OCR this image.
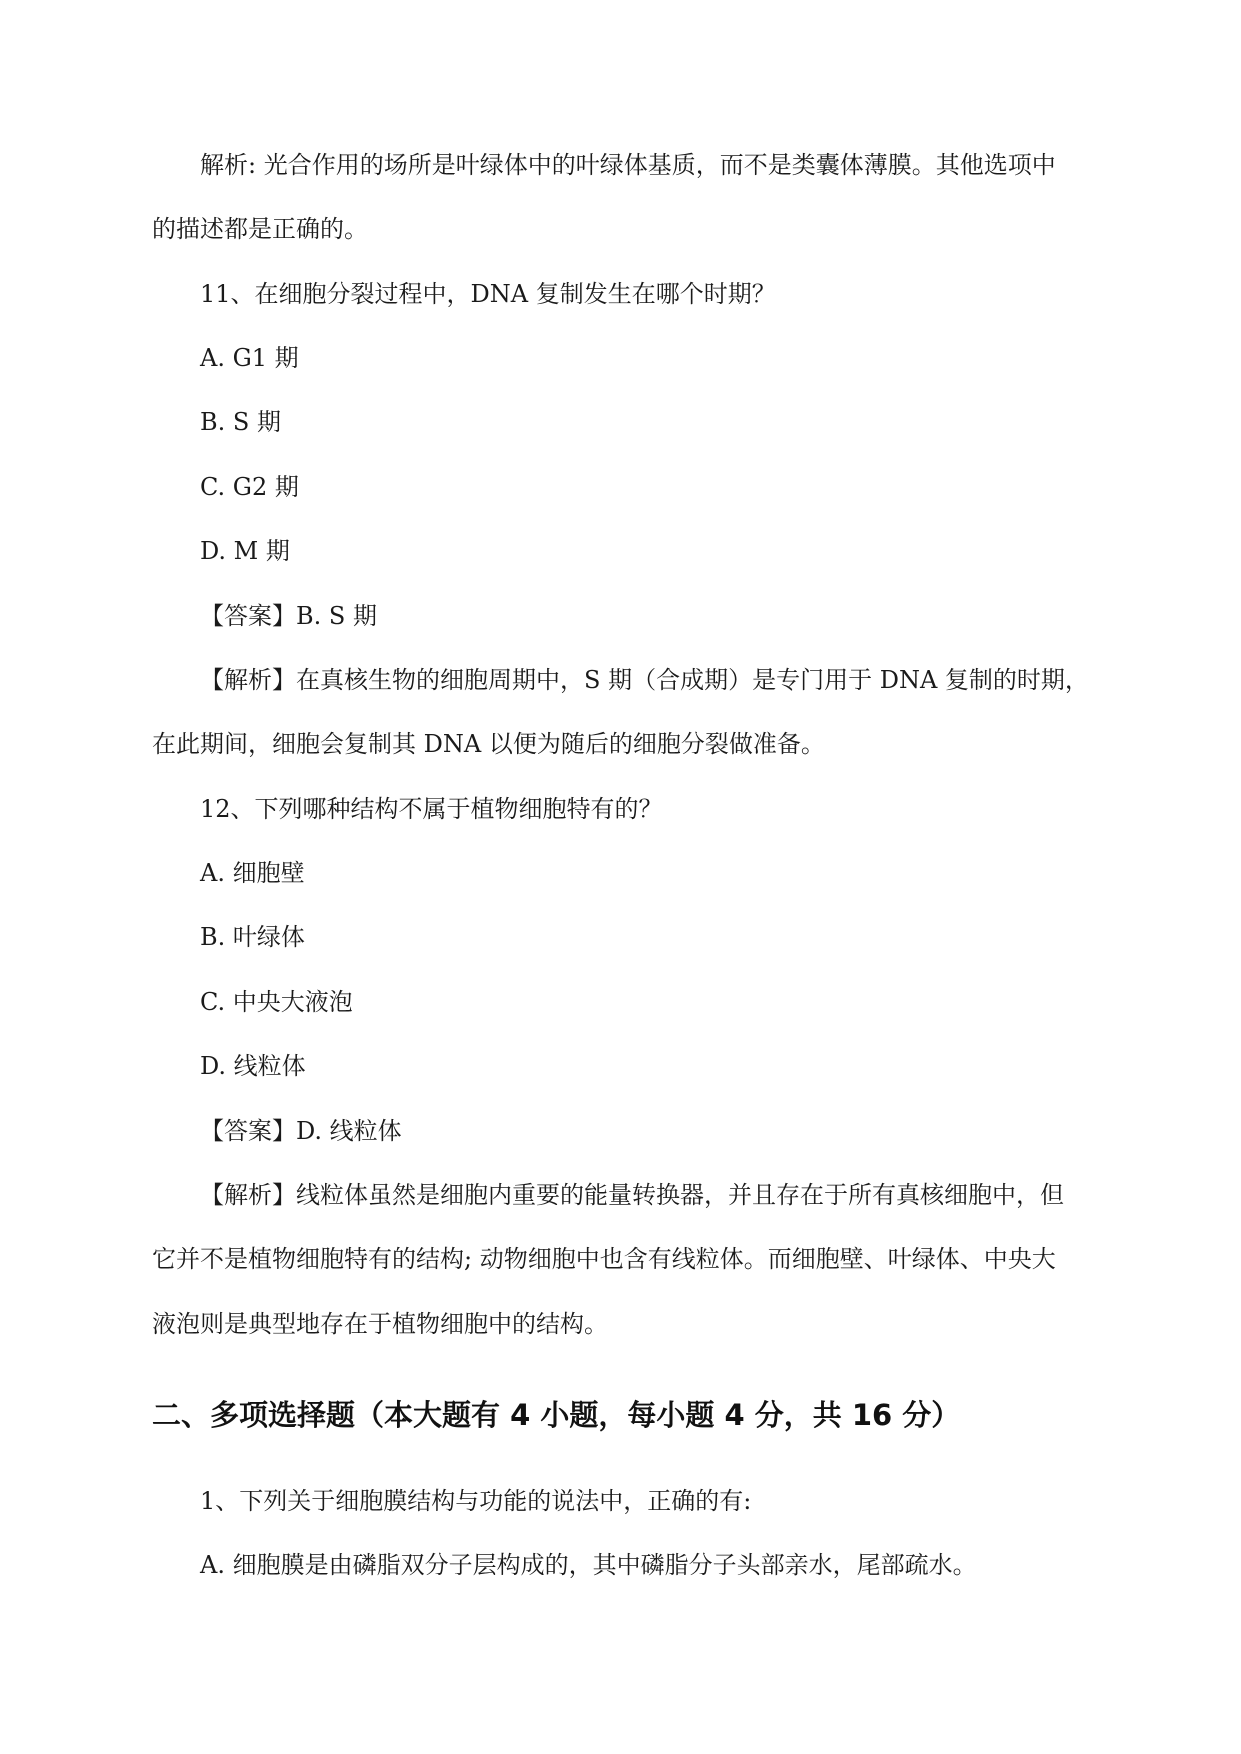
解析: 光合作用的场所是叶绿体中的叶绿体基质，而不是类囊体薄膜。其他选项中
的描述都是正确的。
11、在细胞分裂过程中，DNA 复制发生在哪个时期？
A. G1 期
B. S 期
C. G2 期
D. M 期
【答案】B. S 期
【解析】在真核生物的细胞周期中，S 期（合成期）是专门用于 DNA 复制的时期，
在此期间，细胞会复制其 DNA 以便为随后的细胞分裂做准备。
12、下列哪种结构不属于植物细胞特有的？
A. 细胞壁
B. 叶绿体
C. 中央大液泡
D. 线粒体
【答案】D. 线粒体
【解析】线粒体虽然是细胞内重要的能量转换器，并且存在于所有真核细胞中，但
它并不是植物细胞特有的结构; 动物细胞中也含有线粒体。而细胞壁、叶绿体、中央大
液泡则是典型地存在于植物细胞中的结构。
二、多项选择题（本大题有 4 小题，每小题 4 分，共 16 分）
1、下列关于细胞膜结构与功能的说法中，正确的有:
A. 细胞膜是由磷脂双分子层构成的，其中磷脂分子头部亲水，尾部疏水。
